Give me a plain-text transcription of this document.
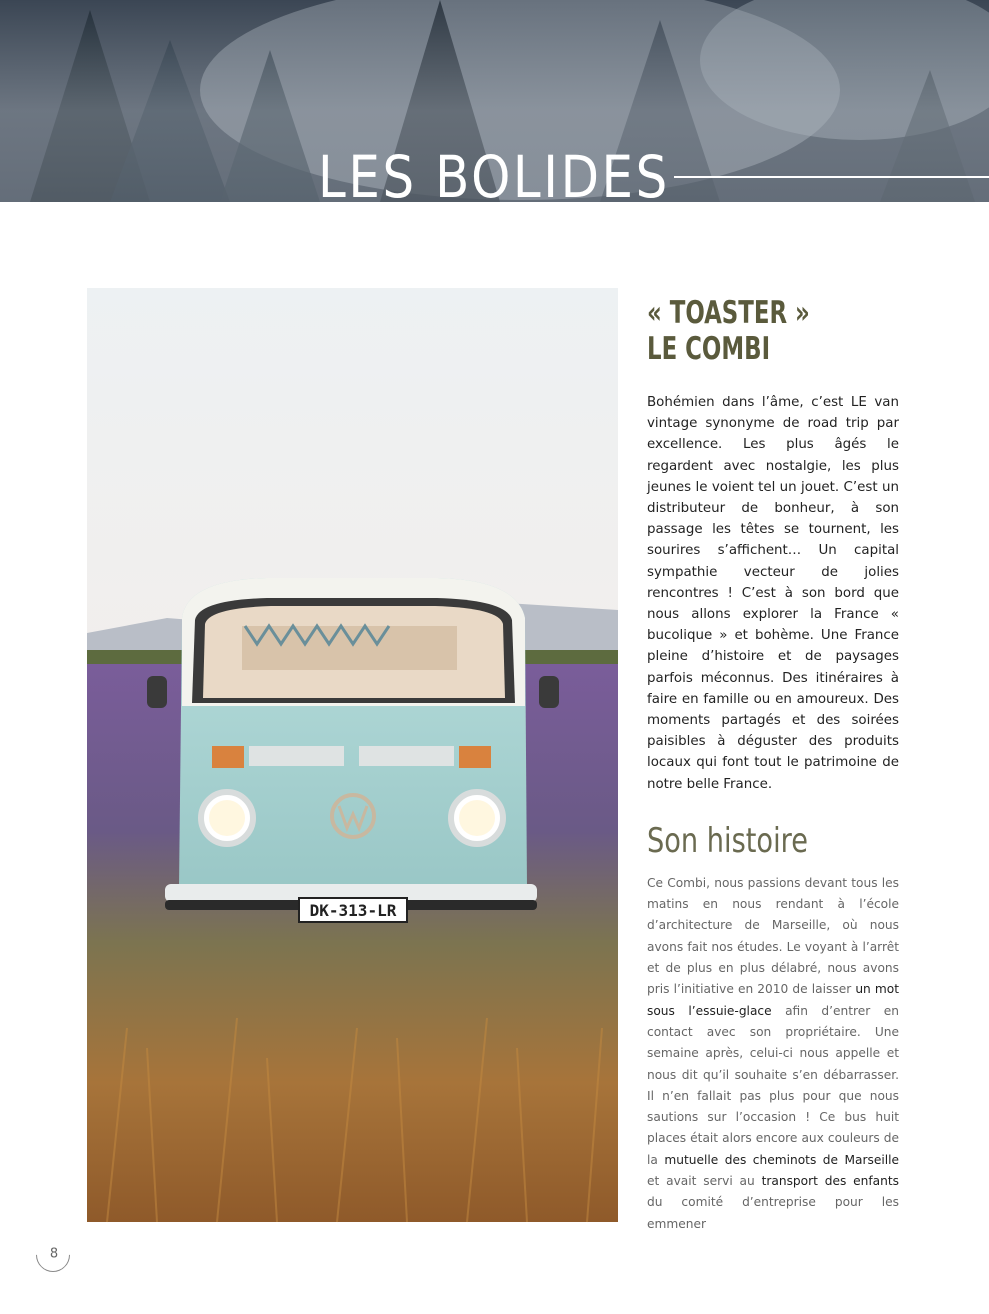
LES BOLIDES
DK-313-LR
« TOASTER »
LE COMBI

Bohémien dans l’âme, c’est LE van vintage synonyme de road trip par excellence. Les plus âgés le regardent avec nostalgie, les plus jeunes le voient tel un jouet. C’est un distributeur de bonheur, à son passage les têtes se tournent, les sourires s’affichent… Un capital sympathie vecteur de jolies rencontres ! C’est à son bord que nous allons explorer la France « bucolique » et bohème. Une France pleine d’histoire et de paysages parfois méconnus. Des itinéraires à faire en famille ou en amoureux. Des moments partagés et des soirées paisibles à déguster des produits locaux qui font tout le patrimoine de notre belle France.

Son histoire

Ce Combi, nous passions devant tous les matins en nous rendant à l’école d’architecture de Marseille, où nous avons fait nos études. Le voyant à l’arrêt et de plus en plus délabré, nous avons pris l’initiative en 2010 de laisser un mot sous l’essuie-glace afin d’entrer en contact avec son propriétaire. Une semaine après, celui-ci nous appelle et nous dit qu’il souhaite s’en débarrasser. Il n’en fallait pas plus pour que nous sautions sur l’occasion ! Ce bus huit places était alors encore aux couleurs de la mutuelle des cheminots de Marseille et avait servi au transport des enfants du comité d’entreprise pour les emmener

8
